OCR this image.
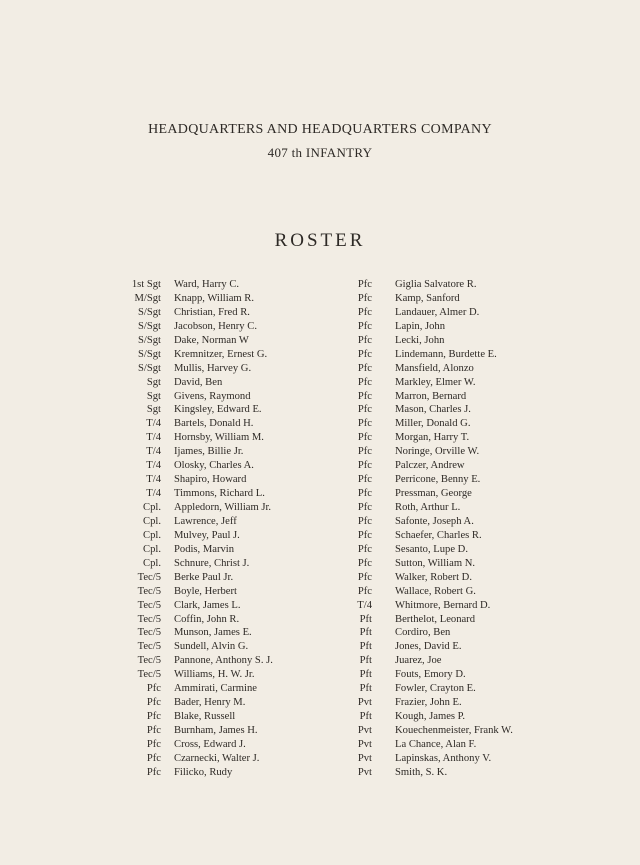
HEADQUARTERS AND HEADQUARTERS COMPANY
407 th INFANTRY
ROSTER
1st Sgt Ward, Harry C.
M/Sgt Knapp, William R.
S/Sgt Christian, Fred R.
S/Sgt Jacobson, Henry C.
S/Sgt Dake, Norman W
S/Sgt Kremnitzer, Ernest G.
S/Sgt Mullis, Harvey G.
Sgt David, Ben
Sgt Givens, Raymond
Sgt Kingsley, Edward E.
T/4 Bartels, Donald H.
T/4 Hornsby, William M.
T/4 Ijames, Billie Jr.
T/4 Olosky, Charles A.
T/4 Shapiro, Howard
T/4 Timmons, Richard L.
Cpl. Appledorn, William Jr.
Cpl. Lawrence, Jeff
Cpl. Mulvey, Paul J.
Cpl. Podis, Marvin
Cpl. Schnure, Christ J.
Tec/5 Berke Paul Jr.
Tec/5 Boyle, Herbert
Tec/5 Clark, James L.
Tec/5 Coffin, John R.
Tec/5 Munson, James E.
Tec/5 Sundell, Alvin G.
Tec/5 Pannone, Anthony S. J.
Tec/5 Williams, H. W. Jr.
Pfc Ammirati, Carmine
Pfc Bader, Henry M.
Pfc Blake, Russell
Pfc Burnham, James H.
Pfc Cross, Edward J.
Pfc Czarnecki, Walter J.
Pfc Filicko, Rudy
Pfc Giglia Salvatore R.
Pfc Kamp, Sanford
Pfc Landauer, Almer D.
Pfc Lapin, John
Pfc Lecki, John
Pfc Lindemann, Burdette E.
Pfc Mansfield, Alonzo
Pfc Markley, Elmer W.
Pfc Marron, Bernard
Pfc Mason, Charles J.
Pfc Miller, Donald G.
Pfc Morgan, Harry T.
Pfc Noringe, Orville W.
Pfc Palczer, Andrew
Pfc Perricone, Benny E.
Pfc Pressman, George
Pfc Roth, Arthur L.
Pfc Safonte, Joseph A.
Pfc Schaefer, Charles R.
Pfc Sesanto, Lupe D.
Pfc Sutton, William N.
Pfc Walker, Robert D.
Pfc Wallace, Robert G.
T/4 Whitmore, Bernard D.
Pft Berthelot, Leonard
Pft Cordiro, Ben
Pft Jones, David E.
Pft Juarez, Joe
Pft Fouts, Emory D.
Pft Fowler, Crayton E.
Pvt Frazier, John E.
Pft Kough, James P.
Pvt Kouechenmeister, Frank W.
Pvt La Chance, Alan F.
Pvt Lapinskas, Anthony V.
Pvt Smith, S. K.
